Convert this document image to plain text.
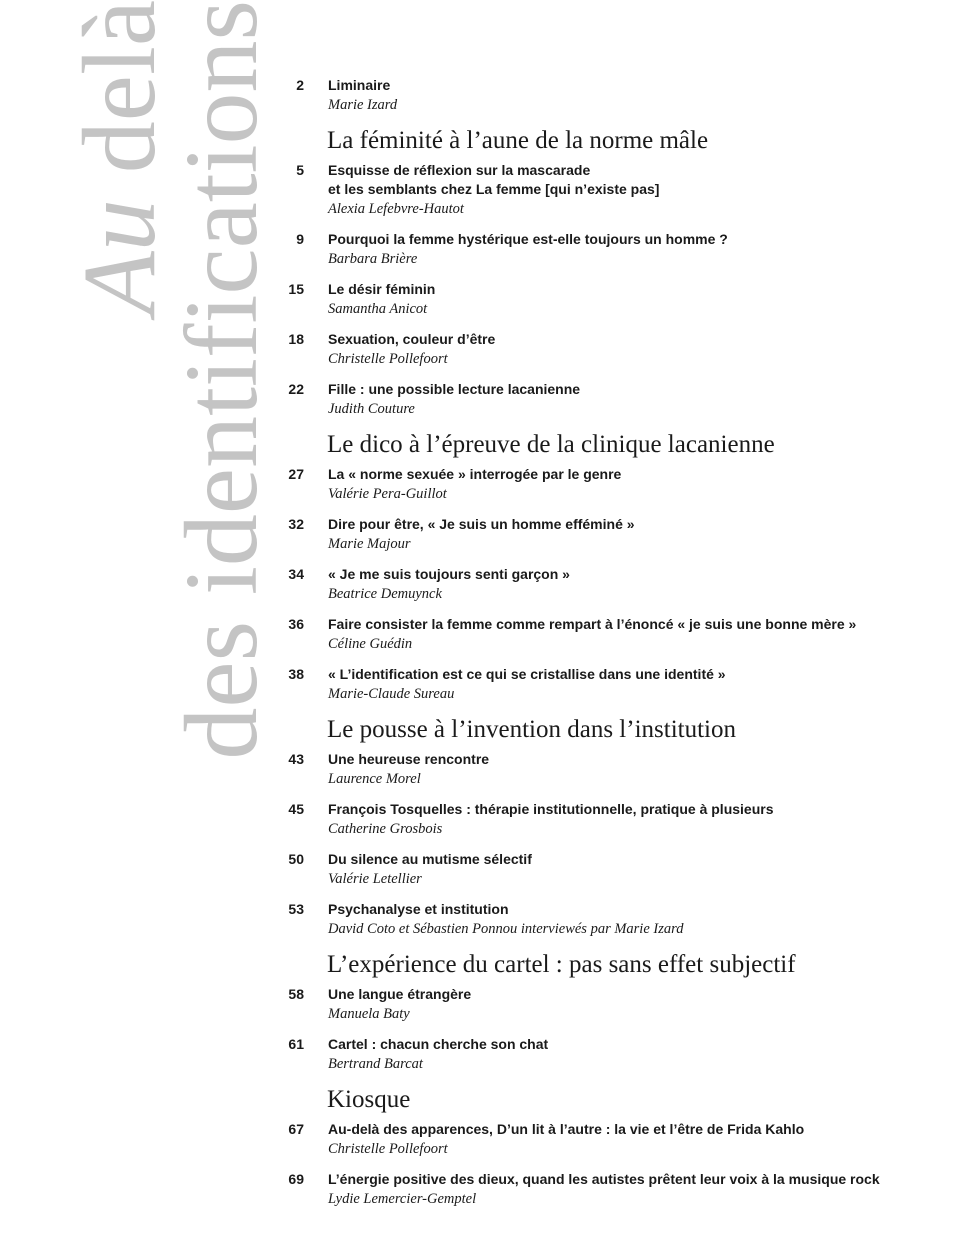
Au delà
des identifications	2 Liminaire
Marie Izard
La féminité à l’aune de la norme mâle
5 Esquisse de réflexion sur la mascarade
et les semblants chez La femme [qui n’existe pas]
Alexia Lefebvre-Hautot
9 Pourquoi la femme hystérique est-elle toujours un homme ?
Barbara Brière
15 Le désir féminin
Samantha Anicot
18 Sexuation, couleur d’être
Christelle Pollefoort
22 Fille : une possible lecture lacanienne
Judith Couture
Le dico à l’épreuve de la clinique lacanienne
27 La « norme sexuée » interrogée par le genre
Valérie Pera-Guillot
32 Dire pour être, « Je suis un homme efféminé »
Marie Majour
34 « Je me suis toujours senti garçon »
Beatrice Demuynck
36 Faire consister la femme comme rempart à l’énoncé « je suis une bonne mère »
Céline Guédin
38 « L’identification est ce qui se cristallise dans une identité »
Marie-Claude Sureau
Le pousse à l’invention dans l’institution
43 Une heureuse rencontre
Laurence Morel
45 François Tosquelles : thérapie institutionnelle, pratique à plusieurs
Catherine Grosbois
50 Du silence au mutisme sélectif
Valérie Letellier
53 Psychanalyse et institution
David Coto et Sébastien Ponnou interviewés par Marie Izard
L’expérience du cartel : pas sans effet subjectif
58 Une langue étrangère
Manuela Baty
61 Cartel : chacun cherche son chat
Bertrand Barcat
Kiosque
67 Au-delà des apparences, D’un lit à l’autre : la vie et l’être de Frida Kahlo
Christelle Pollefoort
69 L’énergie positive des dieux, quand les autistes prêtent leur voix à la musique rock
Lydie Lemercier-Gemptel
